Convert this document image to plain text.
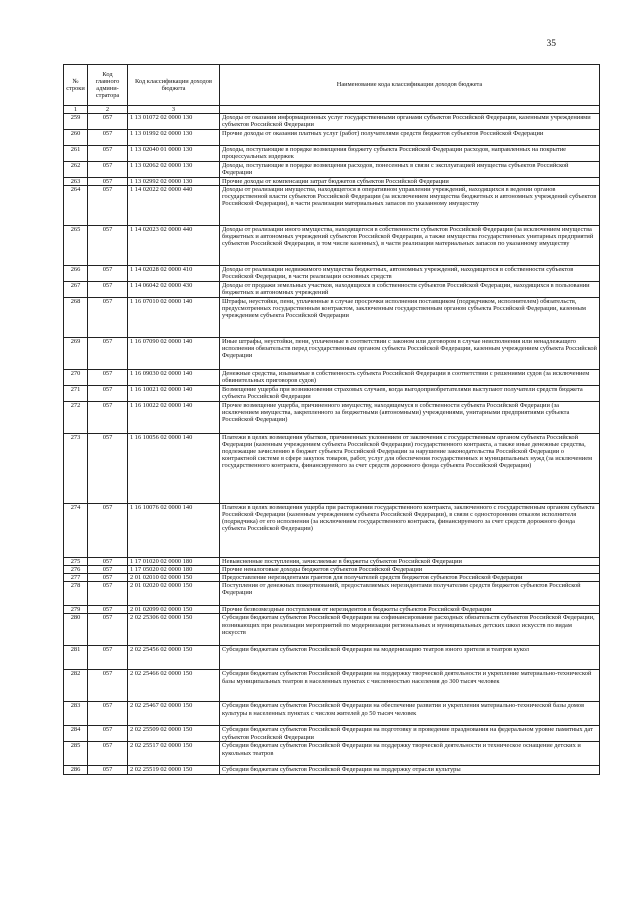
35
№ строки	Код главного админи-стратора	Код классификации доходов бюджета	Наименование кода классификации доходов бюджета
1	2	3	
259	057	1 13 01072 02 0000 130	Доходы от оказания информационных услуг государственными органами субъектов Российской Федерации, казенными учреждениями субъектов Российской Федерации
260	057	1 13 01992 02 0000 130	Прочие доходы от оказания платных услуг (работ) получателями средств бюджетов субъектов Российской Федерации
261	057	1 13 02040 01 0000 130	Доходы, поступающие в порядке возмещения бюджету субъекта Российской Федерации расходов, направленных на покрытие процессуальных издержек
262	057	1 13 02062 02 0000 130	Доходы, поступающие в порядке возмещения расходов, понесенных в связи с эксплуатацией имущества субъектов Российской Федерации
263	057	1 13 02992 02 0000 130	Прочие доходы от компенсации затрат бюджетов субъектов Российской Федерации
264	057	1 14 02022 02 0000 440	Доходы от реализации имущества, находящегося в оперативном управлении учреждений, находящихся в ведении органов государственной власти субъектов Российской Федерации (за исключением имущества бюджетных и автономных учреждений субъектов Российской Федерации), в части реализации материальных запасов по указанному имуществу
265	057	1 14 02023 02 0000 440	Доходы от реализации иного имущества, находящегося в собственности субъектов Российской Федерации (за исключением имущества бюджетных и автономных учреждений субъектов Российской Федерации, а также имущества государственных унитарных предприятий субъектов Российской Федерации, в том числе казенных), в части реализации материальных запасов по указанному имуществу
266	057	1 14 02028 02 0000 410	Доходы от реализации недвижимого имущества бюджетных, автономных учреждений, находящегося в собственности субъектов Российской Федерации, в части реализации основных средств
267	057	1 14 06042 02 0000 430	Доходы от продажи земельных участков, находящихся в собственности субъектов Российской Федерации, находящихся в пользовании бюджетных и автономных учреждений
268	057	1 16 07010 02 0000 140	Штрафы, неустойки, пени, уплаченные в случае просрочки исполнения поставщиком (подрядчиком, исполнителем) обязательств, предусмотренных государственным контрактом, заключенным государственным органом субъекта Российской Федерации, казенным учреждением субъекта Российской Федерации
269	057	1 16 07090 02 0000 140	Иные штрафы, неустойки, пени, уплаченные в соответствии с законом или договором в случае неисполнения или ненадлежащего исполнения обязательств перед государственным органом субъекта Российской Федерации, казенным учреждением субъекта Российской Федерации
270	057	1 16 09030 02 0000 140	Денежные средства, изымаемые в собственность субъекта Российской Федерации в соответствии с решениями судов (за исключением обвинительных приговоров судов)
271	057	1 16 10021 02 0000 140	Возмещение ущерба при возникновении страховых случаев, когда выгодоприобретателями выступают получатели средств бюджета субъекта Российской Федерации
272	057	1 16 10022 02 0000 140	Прочее возмещение ущерба, причиненного имуществу, находящемуся в собственности субъекта Российской Федерации (за исключением имущества, закрепленного за бюджетными (автономными) учреждениями, унитарными предприятиями субъекта Российской Федерации)
273	057	1 16 10056 02 0000 140	Платежи в целях возмещения убытков, причиненных уклонением от заключения с государственным органом субъекта Российской Федерации (казенным учреждением субъекта Российской Федерации) государственного контракта, а также иные денежные средства, подлежащие зачислению в бюджет субъекта Российской Федерации за нарушение законодательства Российской Федерации о контрактной системе в сфере закупок товаров, работ, услуг для обеспечения государственных и муниципальных нужд (за исключением государственного контракта, финансируемого за счет средств дорожного фонда субъекта Российской Федерации)
274	057	1 16 10076 02 0000 140	Платежи в целях возмещения ущерба при расторжении государственного контракта, заключенного с государственным органом субъекта Российской Федерации (казенным учреждением субъекта Российской Федерации), в связи с односторонним отказом исполнителя (подрядчика) от его исполнения (за исключением государственного контракта, финансируемого за счет средств дорожного фонда субъекта Российской Федерации)
275	057	1 17 01020 02 0000 180	Невыясненные поступления, зачисляемые в бюджеты субъектов Российской Федерации
276	057	1 17 05020 02 0000 180	Прочие неналоговые доходы бюджетов субъектов Российской Федерации
277	057	2 01 02010 02 0000 150	Предоставление нерезидентами грантов для получателей средств бюджетов субъектов Российской Федерации
278	057	2 01 02020 02 0000 150	Поступления от денежных пожертвований, предоставляемых нерезидентами получателям средств бюджетов субъектов Российской Федерации
279	057	2 01 02099 02 0000 150	Прочие безвозмездные поступления от нерезидентов в бюджеты субъектов Российской Федерации
280	057	2 02 25306 02 0000 150	Субсидии бюджетам субъектов Российской Федерации на софинансирование расходных обязательств субъектов Российской Федерации, возникающих при реализации мероприятий по модернизации региональных и муниципальных детских школ искусств по видам искусств
281	057	2 02 25456 02 0000 150	Субсидии бюджетам субъектов Российской Федерации на модернизацию театров юного зрителя и театров кукол
282	057	2 02 25466 02 0000 150	Субсидии бюджетам субъектов Российской Федерации на поддержку творческой деятельности и укрепление материально-технической базы муниципальных театров в населенных пунктах с численностью населения до 300 тысяч человек
283	057	2 02 25467 02 0000 150	Субсидии бюджетам субъектов Российской Федерации на обеспечение развития и укрепления материально-технической базы домов культуры в населенных пунктах с числом жителей до 50 тысяч человек
284	057	2 02 25509 02 0000 150	Субсидии бюджетам субъектов Российской Федерации на подготовку и проведение празднования на федеральном уровне памятных дат субъектов Российской Федерации
285	057	2 02 25517 02 0000 150	Субсидии бюджетам субъектов Российской Федерации на поддержку творческой деятельности и техническое оснащение детских и кукольных театров
286	057	2 02 25519 02 0000 150	Субсидии бюджетам субъектов Российской Федерации на поддержку отрасли культуры
